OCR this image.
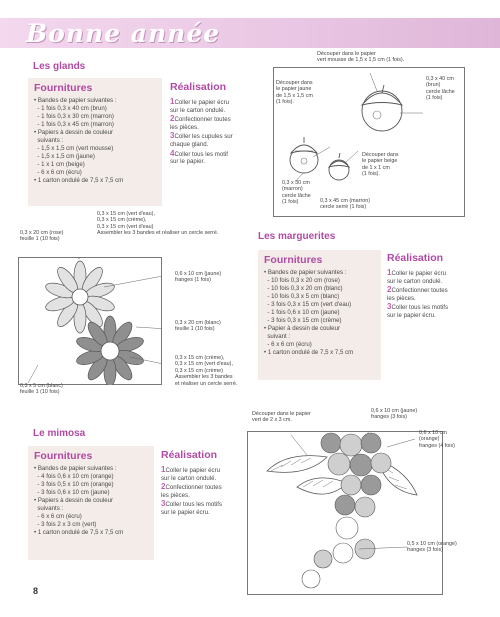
Bonne année
Les glands
Fournitures
• Bandes de papier suivantes :
- 1 fois 0,3 x 40 cm (brun)
- 1 fois 0,3 x 30 cm (marron)
- 1 fois 0,3 x 45 cm (marron)
• Papiers à dessin de couleur
suivants :
- 1,5 x 1,5 cm (vert mousse)
- 1,5 x 1,5 cm (jaune)
- 1 x 1 cm (beige)
- 6 x 6 cm (écru)
• 1 carton ondulé de 7,5 x 7,5 cm
Réalisation
1Coller le papier écru
sur le carton ondulé.
2Confectionner toutes
les pièces.
3Coller les cupules sur
chaque gland.
4Coller tous les motif
sur le papier.
Découper dans le papier
vert mousse de 1,5 x 1,5 cm (1 fois).
Découper dans
le papier jaune
de 1,5 x 1,5 cm
(1 fois).
0,3 x 40 cm
(brun)
cercle lâche
(1 fois)
Découper dans
le papier beige
de 1 x 1 cm
(1 fois).
0,3 x 30 cm
(marron)
cercle lâche
(1 fois)	0,3 x 45 cm (marron)
cercle serré (1 fois)
Les marguerites
0,3 x 20 cm (rose)
feuille 1 (10 fois)
0,3 x 15 cm (vert d'eau),
0,3 x 15 cm (crème),
0,3 x 15 cm (vert d'eau)
Assembler les 3 bandes et réaliser un cercle serré.
0,6 x 10 cm (jaune)
franges (1 fois)
0,3 x 20 cm (blanc)
feuille 1 (10 fois)
0,3 x 15 cm (crème),
0,3 x 15 cm (vert d'eau),
0,3 x 15 cm (crème)
Assembler les 3 bandes
et réaliser un cercle serré.
0,3 x 5 cm (blanc)
feuille 1 (10 fois)
Fournitures
• Bandes de papier suivantes :
- 10 fois 0,3 x 20 cm (rose)
- 10 fois 0,3 x 20 cm (blanc)
- 10 fois 0,3 x 5 cm (blanc)
- 3 fois 0,3 x 15 cm (vert d'eau)
- 1 fois 0,6 x 10 cm (jaune)
- 3 fois 0,3 x 15 cm (crème)
• Papier à dessin de couleur
suivant :
- 6 x 6 cm (écru)
• 1 carton ondulé de 7,5 x 7,5 cm
Réalisation
1Coller le papier écru
sur le carton ondulé.
2Confectionner toutes
les pièces.
3Coller tous les motifs
sur le papier écru.
Le mimosa
Fournitures
• Bandes de papier suivantes :
- 4 fois 0,6 x 10 cm (orange)
- 3 fois 0,5 x 10 cm (orange)
- 3 fois 0,6 x 10 cm (jaune)
• Papiers à dessin de couleur
suivants :
- 6 x 6 cm (écru)
- 3 fois 2 x 3 cm (vert)
• 1 carton ondulé de 7,5 x 7,5 cm
Réalisation
1Coller le papier écru
sur le carton ondulé.
2Confectionner toutes
les pièces.
3Coller tous les motifs
sur le papier écru.
Découper dans le papier
vert de 2 x 3 cm.
0,6 x 10 cm (jaune)
franges (3 fois)
0,6 x 10 cm
(orange)
franges (4 fois)
0,5 x 10 cm (orange)
franges (3 fois)
8
